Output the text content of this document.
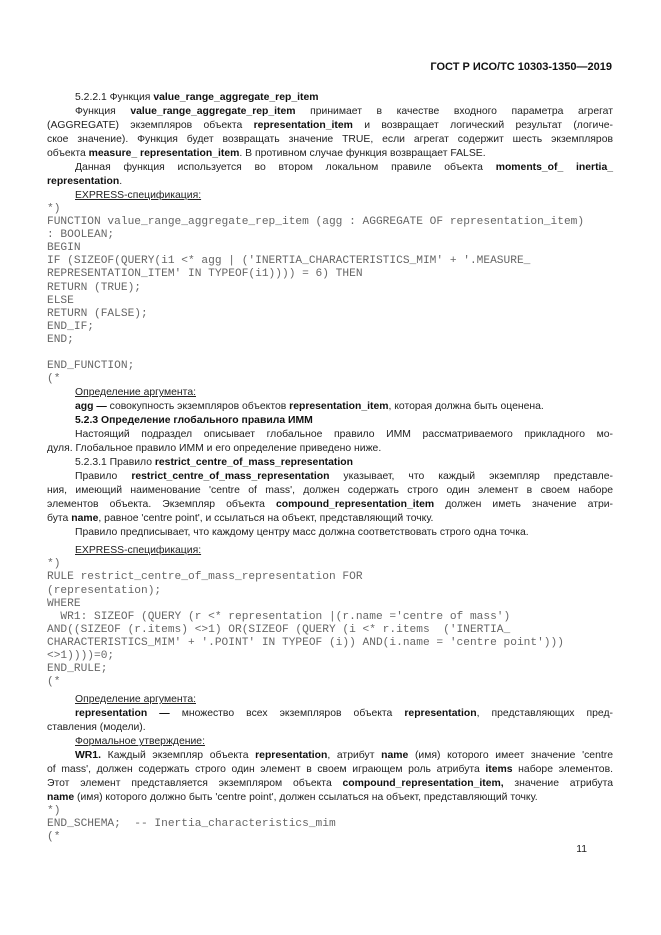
ГОСТ Р ИСО/ТС 10303-1350—2019
5.2.2.1 Функция value_range_aggregate_rep_item
Функция value_range_aggregate_rep_item принимает в качестве входного параметра агрегат
(AGGREGATE) экземпляров объекта representation_item и возвращает логический результат (логиче-
ское значение). Функция будет возвращать значение TRUE, если агрегат содержит шесть экземпляров
объекта measure_ representation_item. В противном случае функция возвращает FALSE.
Данная функция используется во втором локальном правиле объекта moments_of_ inertia_
representation.
EXPRESS-спецификация:
*)
FUNCTION value_range_aggregate_rep_item (agg : AGGREGATE OF representation_item)
: BOOLEAN;
BEGIN
IF (SIZEOF(QUERY(i1 <* agg | ('INERTIA_CHARACTERISTICS_MIM' + '.MEASURE_
REPRESENTATION_ITEM' IN TYPEOF(i1)))) = 6) THEN
RETURN (TRUE);
ELSE
RETURN (FALSE);
END_IF;
END;
END_FUNCTION;
(*
Определение аргумента:
agg — совокупность экземпляров объектов representation_item, которая должна быть оценена.
5.2.3 Определение глобального правила ИММ
Настоящий подраздел описывает глобальное правило ИММ рассматриваемого прикладного мо-
дуля. Глобальное правило ИММ и его определение приведено ниже.
5.2.3.1 Правило restrict_centre_of_mass_representation
Правило restrict_centre_of_mass_representation указывает, что каждый экземпляр представле-
ния, имеющий наименование 'centre of mass', должен содержать строго один элемент в своем наборе
элементов объекта. Экземпляр объекта compound_representation_item должен иметь значение атри-
бута name, равное 'centre point', и ссылаться на объект, представляющий точку.
Правило предписывает, что каждому центру масс должна соответствовать строго одна точка.
EXPRESS-спецификация:
*)
RULE restrict_centre_of_mass_representation FOR
(representation);
WHERE
WR1: SIZEOF (QUERY (r <* representation |(r.name ='centre of mass')
AND((SIZEOF (r.items) <>1) OR(SIZEOF (QUERY (i <* r.items  ('INERTIA_
CHARACTERISTICS_MIM' + '.POINT' IN TYPEOF (i)) AND(i.name = 'centre point')))
<>1))))=0;
END_RULE;
(*
Определение аргумента:
representation — множество всех экземпляров объекта representation, представляющих пред-
ставления (модели).
Формальное утверждение:
WR1. Каждый экземпляр объекта representation, атрибут name (имя) которого имеет значение 'centre
of mass', должен содержать строго один элемент в своем играющем роль атрибута items наборе элементов.
Этот элемент представляется экземпляром объекта compound_representation_item, значение атрибута
name (имя) которого должно быть 'centre point', должен ссылаться на объект, представляющий точку.
*)
END_SCHEMA;  -- Inertia_characteristics_mim
(*
11
